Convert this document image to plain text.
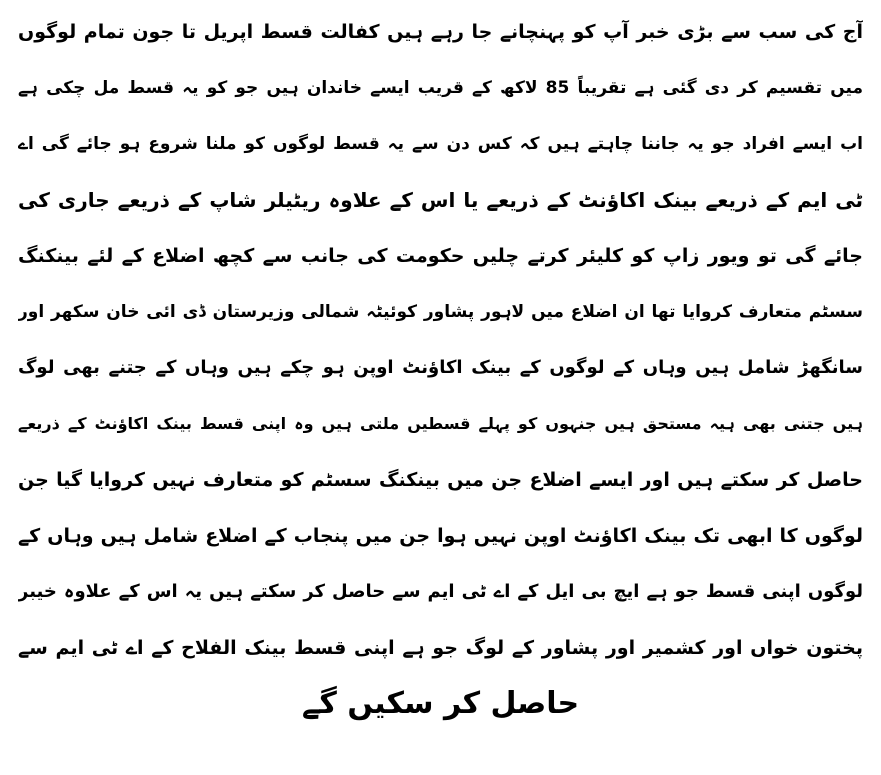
آج کی سب سے بڑی خبر آپ کو پہنچانے جا رہے ہیں کفالت قسط اپریل تا جون تمام لوگوں
میں تقسیم کر دی گئی ہے تقریباً 85 لاکھ کے قریب ایسے خاندان ہیں جو کو یہ قسط مل چکی ہے
اب ایسے افراد جو یہ جاننا چاہتے ہیں کہ کس دن سے یہ قسط لوگوں کو ملنا شروع ہو جائے گی اے
ٹی ایم کے ذریعے بینک اکاؤنٹ کے ذریعے یا اس کے علاوہ ریٹیلر شاپ کے ذریعے جاری کی
جائے گی تو ویور زاپ کو کلیئر کرتے چلیں حکومت کی جانب سے کچھ اضلاع کے لئے بینکنگ
سسٹم متعارف کروایا تھا ان اضلاع میں لاہور پشاور کوئیٹہ شمالی وزیرستان ڈی ائی خان سکھر اور
سانگھڑ شامل ہیں وہاں کے لوگوں کے بینک اکاؤنٹ اوپن ہو چکے ہیں وہاں کے جتنے بھی لوگ
ہیں جتنی بھی ہیہ مستحق ہیں جنہوں کو پہلے قسطیں ملتی ہیں وہ اپنی قسط بینک اکاؤنٹ کے ذریعے
حاصل کر سکتے ہیں اور ایسے اضلاع جن میں بینکنگ سسٹم کو متعارف نہیں کروایا گیا جن
لوگوں کا ابھی تک بینک اکاؤنٹ اوپن نہیں ہوا جن میں پنجاب کے اضلاع شامل ہیں وہاں کے
لوگوں اپنی قسط جو ہے ایچ بی ایل کے اے ٹی ایم سے حاصل کر سکتے ہیں یہ اس کے علاوہ خیبر
پختون خواں اور کشمیر اور پشاور کے لوگ جو ہے اپنی قسط بینک الفلاح کے اے ٹی ایم سے
حاصل کر سکیں گے
